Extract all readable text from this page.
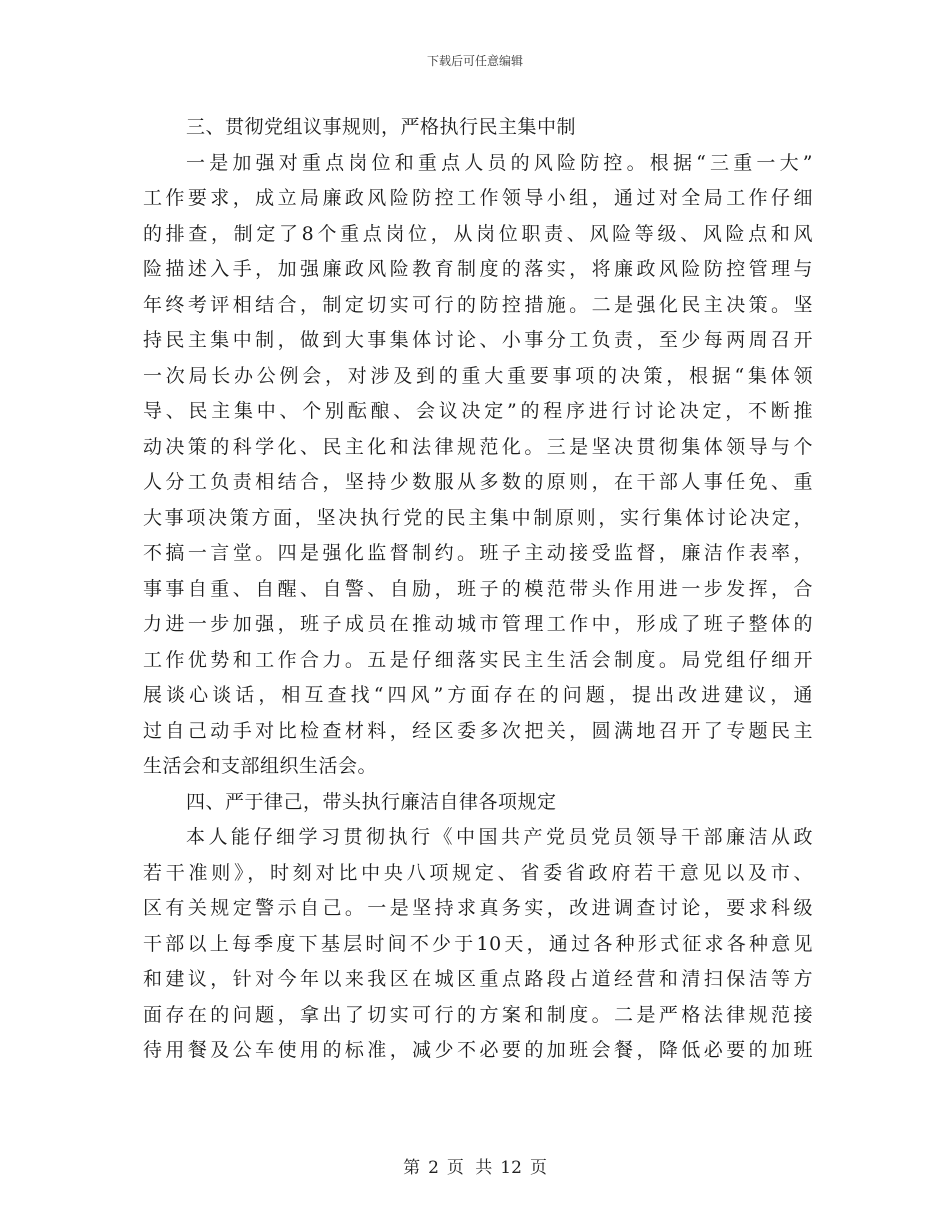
下载后可任意编辑
三、贯彻党组议事规则，严格执行民主集中制
一是加强对重点岗位和重点人员的风险防控。根据“三重一大”
工作要求，成立局廉政风险防控工作领导小组，通过对全局工作仔细
的排查，制定了8个重点岗位，从岗位职责、风险等级、风险点和风
险描述入手，加强廉政风险教育制度的落实，将廉政风险防控管理与
年终考评相结合，制定切实可行的防控措施。二是强化民主决策。坚
持民主集中制，做到大事集体讨论、小事分工负责，至少每两周召开
一次局长办公例会，对涉及到的重大重要事项的决策，根据“集体领
导、民主集中、个别酝酿、会议决定”的程序进行讨论决定，不断推
动决策的科学化、民主化和法律规范化。三是坚决贯彻集体领导与个
人分工负责相结合，坚持少数服从多数的原则，在干部人事任免、重
大事项决策方面，坚决执行党的民主集中制原则，实行集体讨论决定，
不搞一言堂。四是强化监督制约。班子主动接受监督，廉洁作表率，
事事自重、自醒、自警、自励，班子的模范带头作用进一步发挥，合
力进一步加强，班子成员在推动城市管理工作中，形成了班子整体的
工作优势和工作合力。五是仔细落实民主生活会制度。局党组仔细开
展谈心谈话，相互查找“四风”方面存在的问题，提出改进建议，通
过自己动手对比检查材料，经区委多次把关，圆满地召开了专题民主
生活会和支部组织生活会。
四、严于律己，带头执行廉洁自律各项规定
本人能仔细学习贯彻执行《中国共产党员党员领导干部廉洁从政
若干准则》，时刻对比中央八项规定、省委省政府若干意见以及市、
区有关规定警示自己。一是坚持求真务实，改进调查讨论，要求科级
干部以上每季度下基层时间不少于10天，通过各种形式征求各种意见
和建议，针对今年以来我区在城区重点路段占道经营和清扫保洁等方
面存在的问题，拿出了切实可行的方案和制度。二是严格法律规范接
待用餐及公车使用的标准，减少不必要的加班会餐，降低必要的加班
第 2 页 共 12 页
